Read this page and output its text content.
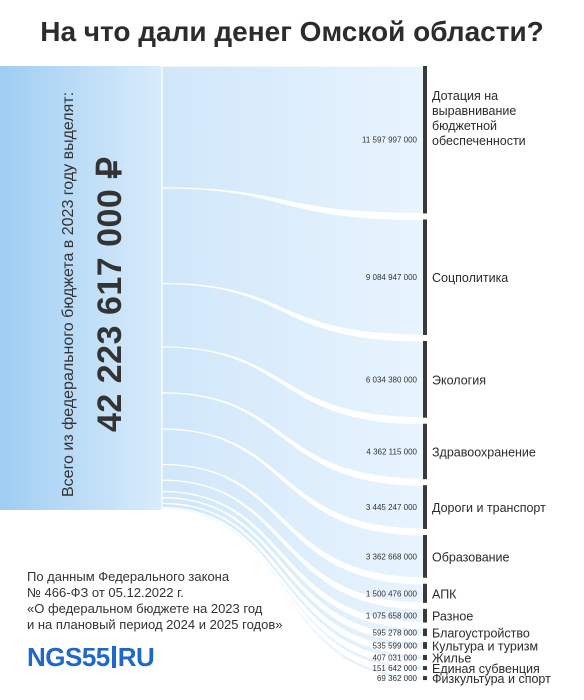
На что дали денег Омской области?
11 597 997 000
9 084 947 000
6 034 380 000
4 362 115 000
3 445 247 000
3 362 668 000
1 500 476 000
1 075 658 000
595 278 000
535 599 000
407 031 000
151 642 000
69 362 000
Дотация на выравнивание бюджетной обеспеченности
Соцполитика
Экология
Здравоохранение
Дороги и транспорт
Образование
АПК
Разное
Благоустройство
Культура и туризм
Жилье
Единая субвенция
Физкультура и спорт
Всего из федерального бюджета в 2023 году выделят: 42 223 617 000 ₽
По данным Федерального закона
№ 466-ФЗ от 05.12.2022 г.
«О федеральном бюджете на 2023 год
и на плановый период 2024 и 2025 годов»
NGS55 RU
